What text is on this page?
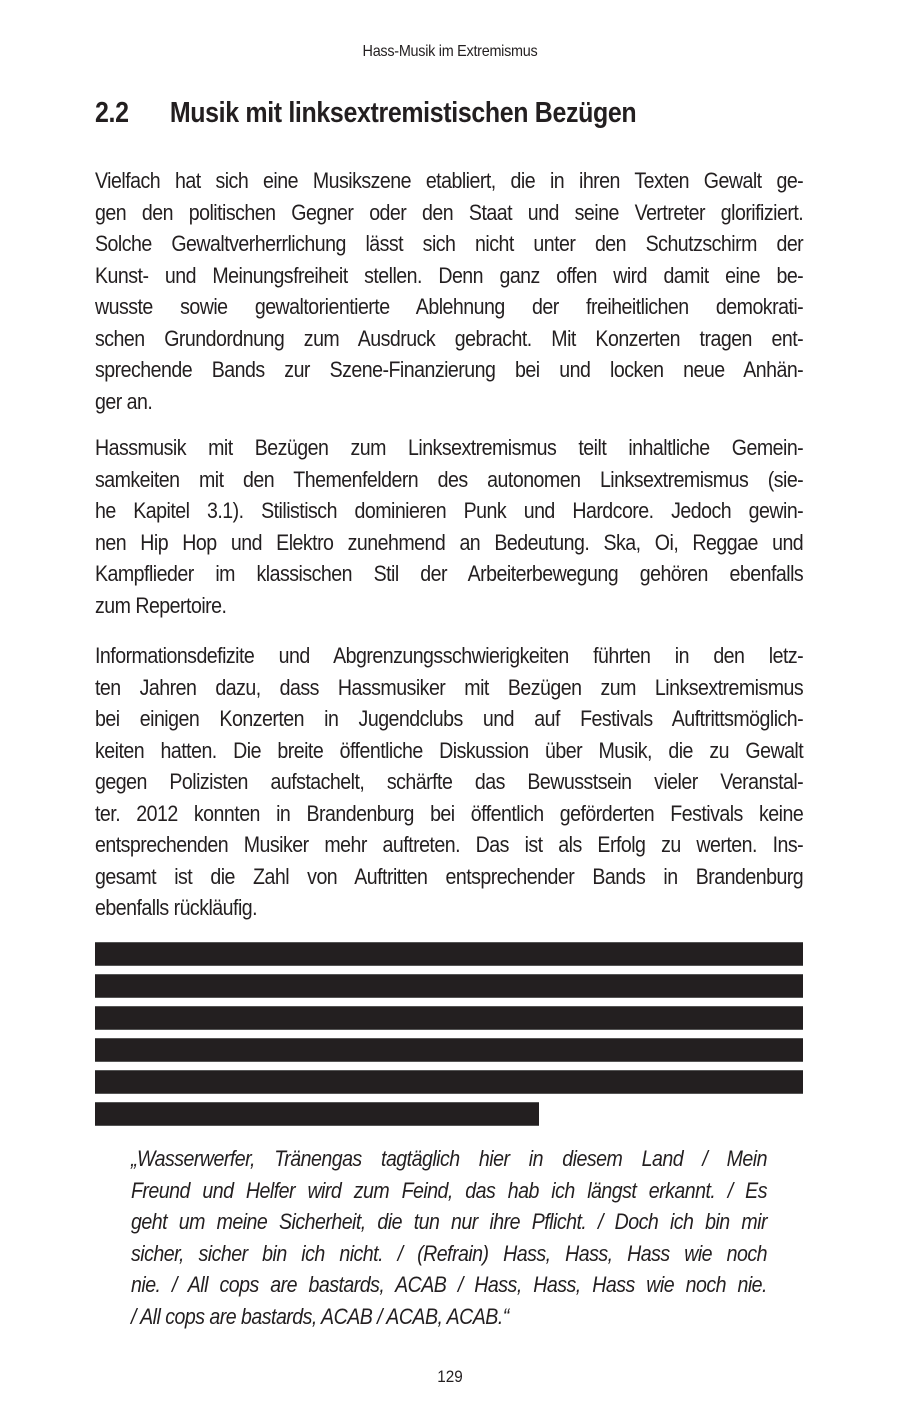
Hass-Musik im Extremismus
2.2 Musik mit linksextremistischen Bezügen

Vielfach hat sich eine Musikszene etabliert, die in ihren Texten Gewalt ge-
gen den politischen Gegner oder den Staat und seine Vertreter glorifiziert.
Solche Gewaltverherrlichung lässt sich nicht unter den Schutzschirm der
Kunst- und Meinungsfreiheit stellen. Denn ganz offen wird damit eine be-
wusste sowie gewaltorientierte Ablehnung der freiheitlichen demokrati-
schen Grundordnung zum Ausdruck gebracht. Mit Konzerten tragen ent-
sprechende Bands zur Szene-Finanzierung bei und locken neue Anhän-
ger an.

Hassmusik mit Bezügen zum Linksextremismus teilt inhaltliche Gemein-
samkeiten mit den Themenfeldern des autonomen Linksextremismus (sie-
he Kapitel 3.1). Stilistisch dominieren Punk und Hardcore. Jedoch gewin-
nen Hip Hop und Elektro zunehmend an Bedeutung. Ska, Oi, Reggae und
Kampflieder im klassischen Stil der Arbeiterbewegung gehören ebenfalls
zum Repertoire.

Informationsdefizite und Abgrenzungsschwierigkeiten führten in den letz-
ten Jahren dazu, dass Hassmusiker mit Bezügen zum Linksextremismus
bei einigen Konzerten in Jugendclubs und auf Festivals Auftrittsmöglich-
keiten hatten. Die breite öffentliche Diskussion über Musik, die zu Gewalt
gegen Polizisten aufstachelt, schärfte das Bewusstsein vieler Veranstal-
ter. 2012 konnten in Brandenburg bei öffentlich geförderten Festivals keine
entsprechenden Musiker mehr auftreten. Das ist als Erfolg zu werten. Ins-
gesamt ist die Zahl von Auftritten entsprechender Bands in Brandenburg
ebenfalls rückläufig.

„Wasserwerfer, Tränengas tagtäglich hier in diesem Land / Mein
Freund und Helfer wird zum Feind, das hab ich längst erkannt. / Es
geht um meine Sicherheit, die tun nur ihre Pflicht. / Doch ich bin mir
sicher, sicher bin ich nicht. / (Refrain) Hass, Hass, Hass wie noch
nie. / All cops are bastards, ACAB / Hass, Hass, Hass wie noch nie.
/ All cops are bastards, ACAB / ACAB, ACAB.“

129
